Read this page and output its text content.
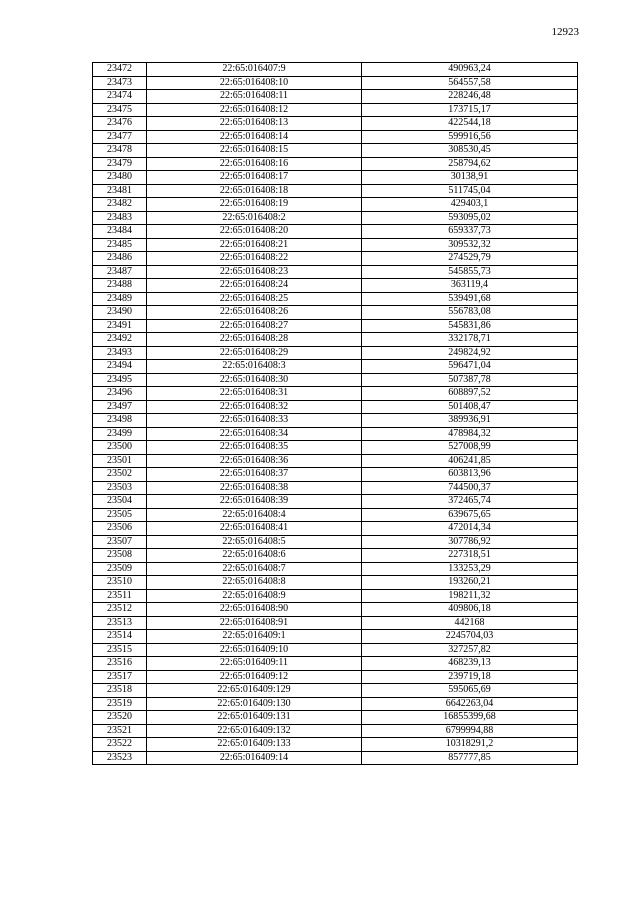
12923
23472	22:65:016407:9	490963,24
23473	22:65:016408:10	564557,58
23474	22:65:016408:11	228246,48
23475	22:65:016408:12	173715,17
23476	22:65:016408:13	422544,18
23477	22:65:016408:14	599916,56
23478	22:65:016408:15	308530,45
23479	22:65:016408:16	258794,62
23480	22:65:016408:17	30138,91
23481	22:65:016408:18	511745,04
23482	22:65:016408:19	429403,1
23483	22:65:016408:2	593095,02
23484	22:65:016408:20	659337,73
23485	22:65:016408:21	309532,32
23486	22:65:016408:22	274529,79
23487	22:65:016408:23	545855,73
23488	22:65:016408:24	363119,4
23489	22:65:016408:25	539491,68
23490	22:65:016408:26	556783,08
23491	22:65:016408:27	545831,86
23492	22:65:016408:28	332178,71
23493	22:65:016408:29	249824,92
23494	22:65:016408:3	596471,04
23495	22:65:016408:30	507387,78
23496	22:65:016408:31	608897,52
23497	22:65:016408:32	501408,47
23498	22:65:016408:33	389936,91
23499	22:65:016408:34	478984,32
23500	22:65:016408:35	527008,99
23501	22:65:016408:36	406241,85
23502	22:65:016408:37	603813,96
23503	22:65:016408:38	744500,37
23504	22:65:016408:39	372465,74
23505	22:65:016408:4	639675,65
23506	22:65:016408:41	472014,34
23507	22:65:016408:5	307786,92
23508	22:65:016408:6	227318,51
23509	22:65:016408:7	133253,29
23510	22:65:016408:8	193260,21
23511	22:65:016408:9	198211,32
23512	22:65:016408:90	409806,18
23513	22:65:016408:91	442168
23514	22:65:016409:1	2245704,03
23515	22:65:016409:10	327257,82
23516	22:65:016409:11	468239,13
23517	22:65:016409:12	239719,18
23518	22:65:016409:129	595065,69
23519	22:65:016409:130	6642263,04
23520	22:65:016409:131	16855399,68
23521	22:65:016409:132	6799994,88
23522	22:65:016409:133	10318291,2
23523	22:65:016409:14	857777,85
